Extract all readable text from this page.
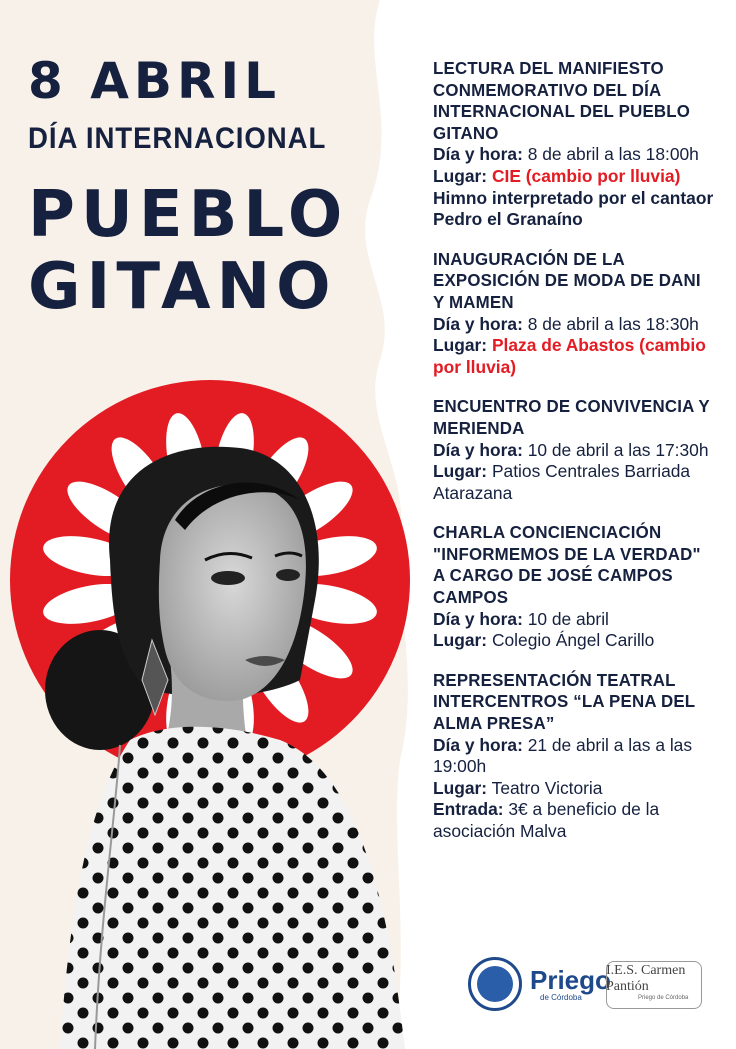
8 ABRIL
DÍA INTERNACIONAL
PUEBLO
GITANO
LECTURA DEL MANIFIESTO CONMEMORATIVO DEL DÍA INTERNACIONAL DEL PUEBLO GITANO
Día y hora: 8 de abril a las 18:00h
Lugar: CIE (cambio por lluvia)
Himno interpretado por el cantaor Pedro el Granaíno
INAUGURACIÓN DE LA EXPOSICIÓN DE MODA DE DANI Y MAMEN
Día y hora: 8 de abril a las 18:30h
Lugar: Plaza de Abastos (cambio por lluvia)
ENCUENTRO DE CONVIVENCIA Y MERIENDA
Día y hora: 10 de abril a las 17:30h
Lugar: Patios Centrales Barriada Atarazana
CHARLA CONCIENCIACIÓN "INFORMEMOS DE LA VERDAD" A CARGO DE JOSÉ CAMPOS CAMPOS
Día y hora: 10 de abril
Lugar: Colegio Ángel Carillo
REPRESENTACIÓN TEATRAL INTERCENTROS “LA PENA DEL ALMA PRESA”
Día y hora: 21 de abril a las a las 19:00h
Lugar: Teatro Victoria
Entrada: 3€ a beneficio de la asociación Malva
Priego
de Córdoba
I.E.S. Carmen Pantión
Priego de Córdoba
